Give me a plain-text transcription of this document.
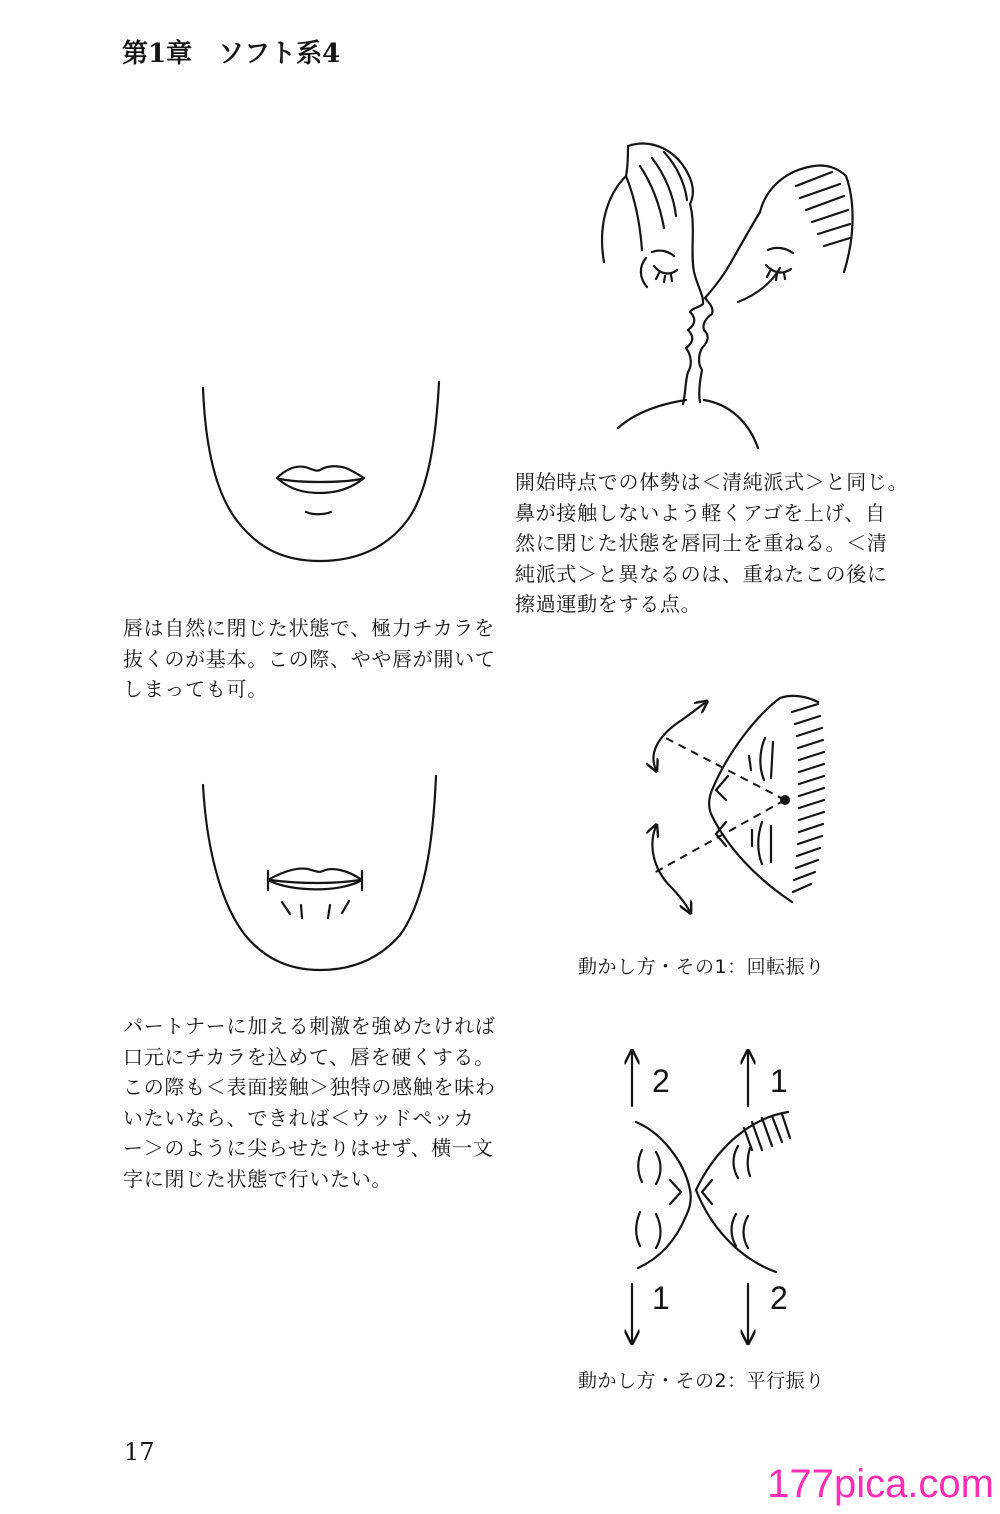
第1章　ソフト系4
開始時点での体勢は＜清純派式＞と同じ。
鼻が接触しないよう軽くアゴを上げ、自
然に閉じた状態を唇同士を重ねる。＜清
純派式＞と異なるのは、重ねたこの後に
擦過運動をする点。
唇は自然に閉じた状態で、極力チカラを
抜くのが基本。この際、やや唇が開いて
しまっても可。
動かし方・その1：回転振り
パートナーに加える刺激を強めたければ
口元にチカラを込めて、唇を硬くする。
この際も＜表面接触＞独特の感触を味わ
いたいなら、できれば＜ウッドペッカ
ー＞のように尖らせたりはせず、横一文
字に閉じた状態で行いたい。
2	1
1	2
動かし方・その2：平行振り
17
177pica.com
